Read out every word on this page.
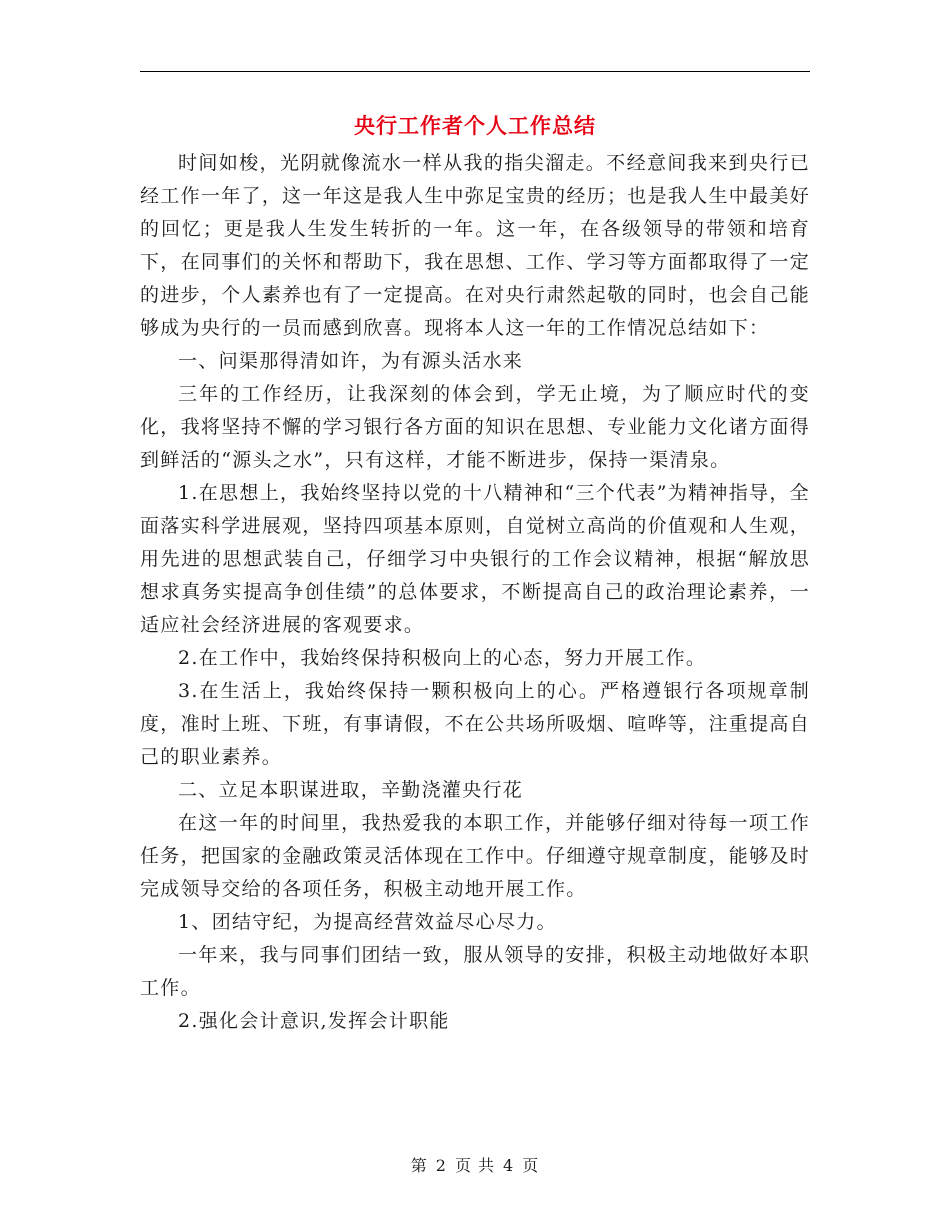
央行工作者个人工作总结

时间如梭，光阴就像流水一样从我的指尖溜走。不经意间我来到央行已经工作一年了，这一年这是我人生中弥足宝贵的经历；也是我人生中最美好的回忆；更是我人生发生转折的一年。这一年，在各级领导的带领和培育下，在同事们的关怀和帮助下，我在思想、工作、学习等方面都取得了一定的进步，个人素养也有了一定提高。在对央行肃然起敬的同时，也会自己能够成为央行的一员而感到欣喜。现将本人这一年的工作情况总结如下：

一、问渠那得清如许，为有源头活水来

三年的工作经历，让我深刻的体会到，学无止境，为了顺应时代的变化，我将坚持不懈的学习银行各方面的知识在思想、专业能力文化诸方面得到鲜活的“源头之水”，只有这样，才能不断进步，保持一渠清泉。

1.在思想上，我始终坚持以党的十八精神和“三个代表”为精神指导，全面落实科学进展观，坚持四项基本原则，自觉树立高尚的价值观和人生观，用先进的思想武装自己，仔细学习中央银行的工作会议精神，根据“解放思想求真务实提高争创佳绩”的总体要求，不断提高自己的政治理论素养，一适应社会经济进展的客观要求。

2.在工作中，我始终保持积极向上的心态，努力开展工作。

3.在生活上，我始终保持一颗积极向上的心。严格遵银行各项规章制度，准时上班、下班，有事请假，不在公共场所吸烟、喧哗等，注重提高自己的职业素养。

二、立足本职谋进取，辛勤浇灌央行花

在这一年的时间里，我热爱我的本职工作，并能够仔细对待每一项工作任务，把国家的金融政策灵活体现在工作中。仔细遵守规章制度，能够及时完成领导交给的各项任务，积极主动地开展工作。

1、团结守纪，为提高经营效益尽心尽力。

一年来，我与同事们团结一致，服从领导的安排，积极主动地做好本职工作。

2.强化会计意识,发挥会计职能

第 2 页 共 4 页
